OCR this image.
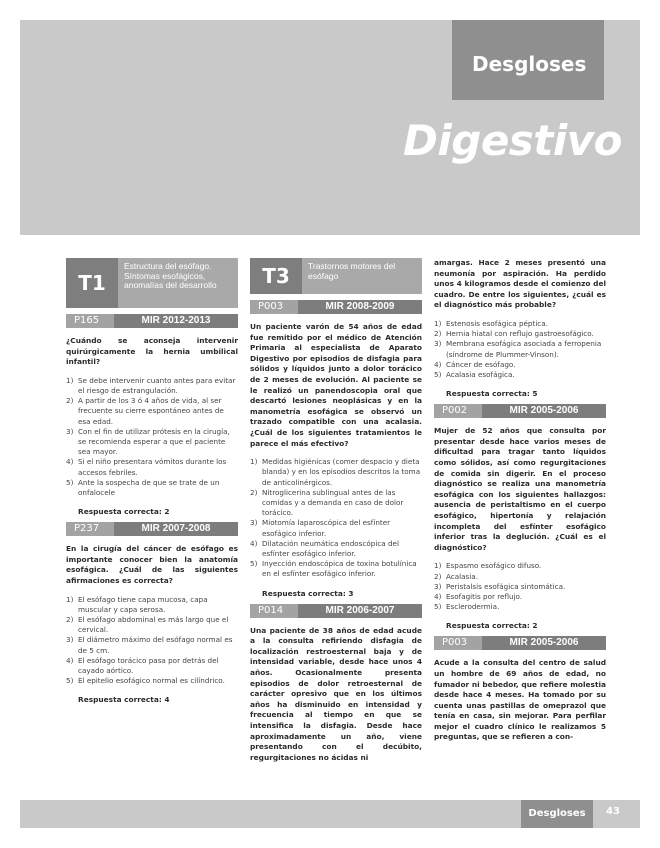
Desgloses
Digestivo
T1
Estructura del esófago. Síntomas esofágicos, anomalías del desarrollo
P165	MIR 2012-2013

¿Cuándo se aconseja intervenir quirúrgicamente la hernia umbilical infantil?

1) Se debe intervenir cuanto antes para evitar el riesgo de estrangulación.
2) A partir de los 3 ó 4 años de vida, al ser frecuente su cierre espontáneo antes de esa edad.
3) Con el fin de utilizar prótesis en la cirugía, se recomienda esperar a que el paciente sea mayor.
4) Si el niño presentara vómitos durante los accesos febriles.
5) Ante la sospecha de que se trate de un onfalocele
Respuesta correcta: 2
P237	MIR 2007-2008

En la cirugía del cáncer de esófago es importante conocer bien la anatomía esofágica. ¿Cuál de las siguientes afirmaciones es correcta?

1) El esófago tiene capa mucosa, capa muscular y capa serosa.
2) El esófago abdominal es más largo que el cervical.
3) El diámetro máximo del esófago normal es de 5 cm.
4) El esófago torácico pasa por detrás del cayado aórtico.
5) El epitelio esofágico normal es cilíndrico.
Respuesta correcta: 4
T3	Trastornos motores del esófago
P003	MIR 2008-2009

Un paciente varón de 54 años de edad fue remitido por el médico de Atención Primaria al especialista de Aparato Digestivo por episodios de disfagia para sólidos y líquidos junto a dolor torácico de 2 meses de evolución. Al paciente se le realizó un panendoscopia oral que descartó lesiones neoplásicas y en la manometría esofágica se observó un trazado compatible con una acalasia. ¿Cuál de los siguientes tratamientos le parece el más efectivo?

1) Medidas higiénicas (comer despacio y dieta blanda) y en los episodios descritos la toma de anticolinérgicos.
2) Nitroglicerina sublingual antes de las comidas y a demanda en caso de dolor torácico.
3) Miotomía laparoscópica del esfínter esofágico inferior.
4) Dilatación neumática endoscópica del esfínter esofágico inferior.
5) Inyección endoscópica de toxina botulínica en el esfínter esofágico inferior.
Respuesta correcta: 3
P014	MIR 2006-2007

Una paciente de 38 años de edad acude a la consulta refiriendo disfagia de localización restroesternal baja y de intensidad variable, desde hace unos 4 años. Ocasionalmente presenta episodios de dolor retroesternal de carácter opresivo que en los últimos años ha disminuido en intensidad y frecuencia al tiempo en que se intensifica la disfagia. Desde hace aproximadamente un año, viene presentando con el decúbito, regurgitaciones no ácidas ni

amargas. Hace 2 meses presentó una neumonía por aspiración. Ha perdido unos 4 kilogramos desde el comienzo del cuadro. De entre los siguientes, ¿cuál es el diagnóstico más probable?

1) Estenosis esofágica péptica.
2) Hernia hiatal con reflujo gastroesofágico.
3) Membrana esofágica asociada a ferropenia (síndrome de Plummer-Vinson).
4) Cáncer de esófago.
5) Acalasia esofágica.
Respuesta correcta: 5
P002	MIR 2005-2006

Mujer de 52 años que consulta por presentar desde hace varios meses de dificultad para tragar tanto líquidos como sólidos, así como regurgitaciones de comida sin digerir. En el proceso diagnóstico se realiza una manometría esofágica con los siguientes hallazgos: ausencia de peristaltismo en el cuerpo esofágico, hipertonía y relajación incompleta del esfínter esofágico inferior tras la deglución. ¿Cuál es el diagnóstico?

1) Espasmo esofágico difuso.
2) Acalasia.
3) Peristalsis esofágica sintomática.
4) Esofagitis por reflujo.
5) Esclerodermia.
Respuesta correcta: 2
P003	MIR 2005-2006

Acude a la consulta del centro de salud un hombre de 69 años de edad, no fumador ni bebedor, que refiere molestia desde hace 4 meses. Ha tomado por su cuenta unas pastillas de omeprazol que tenía en casa, sin mejorar. Para perfilar mejor el cuadro clínico le realizamos 5 preguntas, que se refieren a con-

Desgloses	43
